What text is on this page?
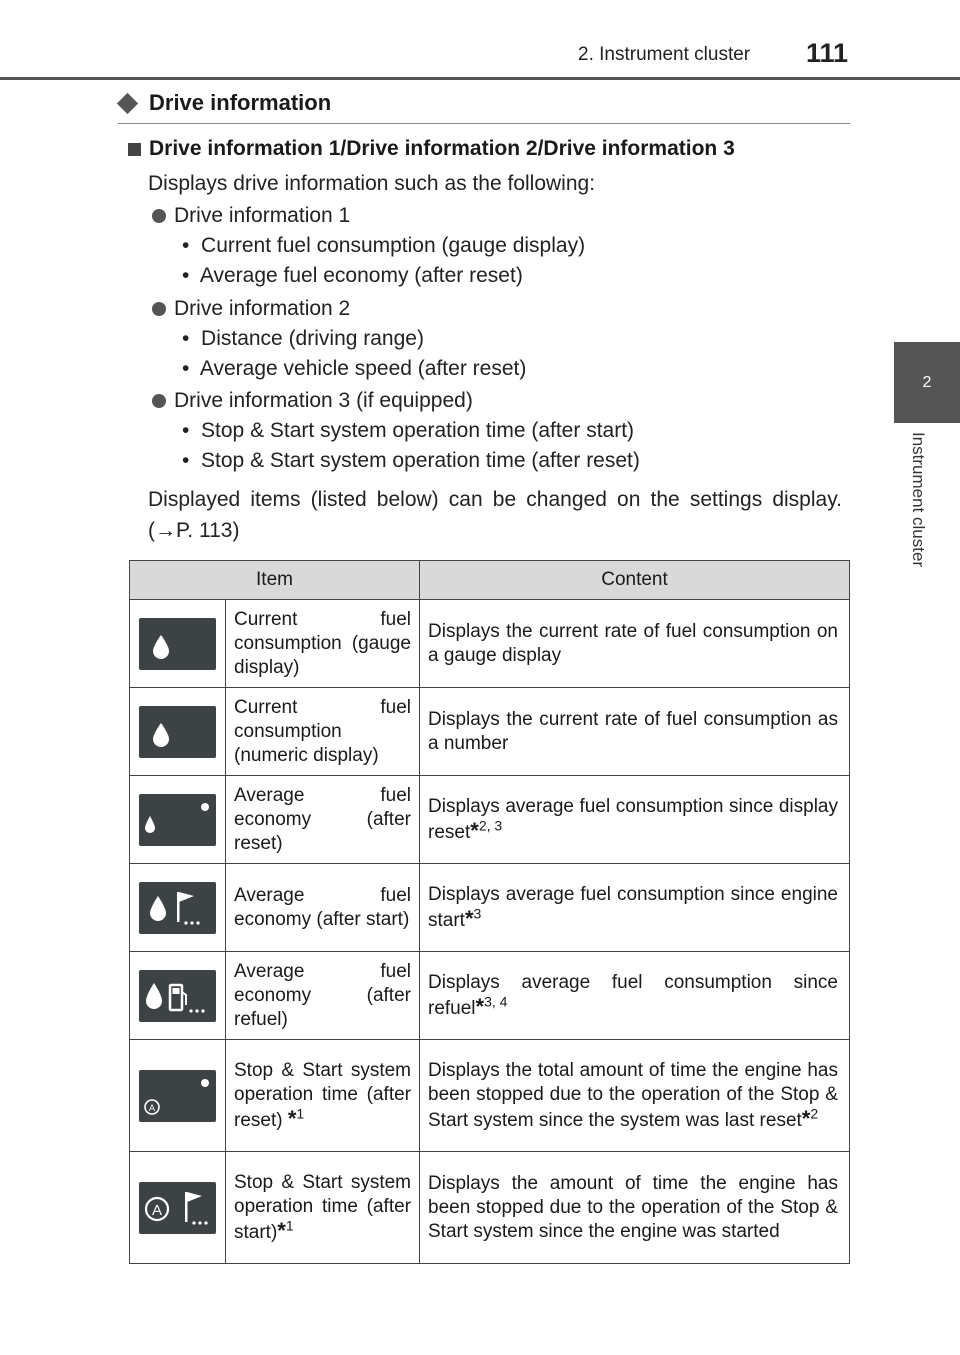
2. Instrument cluster 111
2
Instrument cluster
Drive information
Drive information 1/Drive information 2/Drive information 3
Displays drive information such as the following:
Drive information 1
•  Current fuel consumption (gauge display)
•  Average fuel economy (after reset)
Drive information 2
•  Distance (driving range)
•  Average vehicle speed (after reset)
Drive information 3 (if equipped)
•  Stop & Start system operation time (after start)
•  Stop & Start system operation time (after reset)
Displayed items (listed below) can be changed on the settings display. (→P. 113)
Item		Content

	Current fuel consumption (gauge display)	Displays the current rate of fuel consumption on a gauge display

	Current fuel consumption (numeric display)	Displays the current rate of fuel consumption as a number

	Average fuel economy (after reset)	Displays average fuel consumption since display reset*$^{2, 3}$

	Average fuel economy (after start)	Displays average fuel consumption since engine start*$^3$

	Average fuel economy (after refuel)	Displays average fuel consumption since refuel*$^{3, 4}$

A	Stop & Start system operation time (after reset) *$^1$	Displays the total amount of time the engine has been stopped due to the operation of the Stop & Start system since the system was last reset*$^2$

A	Stop & Start system operation time (after start)*$^1$	Displays the amount of time the engine has been stopped due to the operation of the Stop & Start system since the engine was started
